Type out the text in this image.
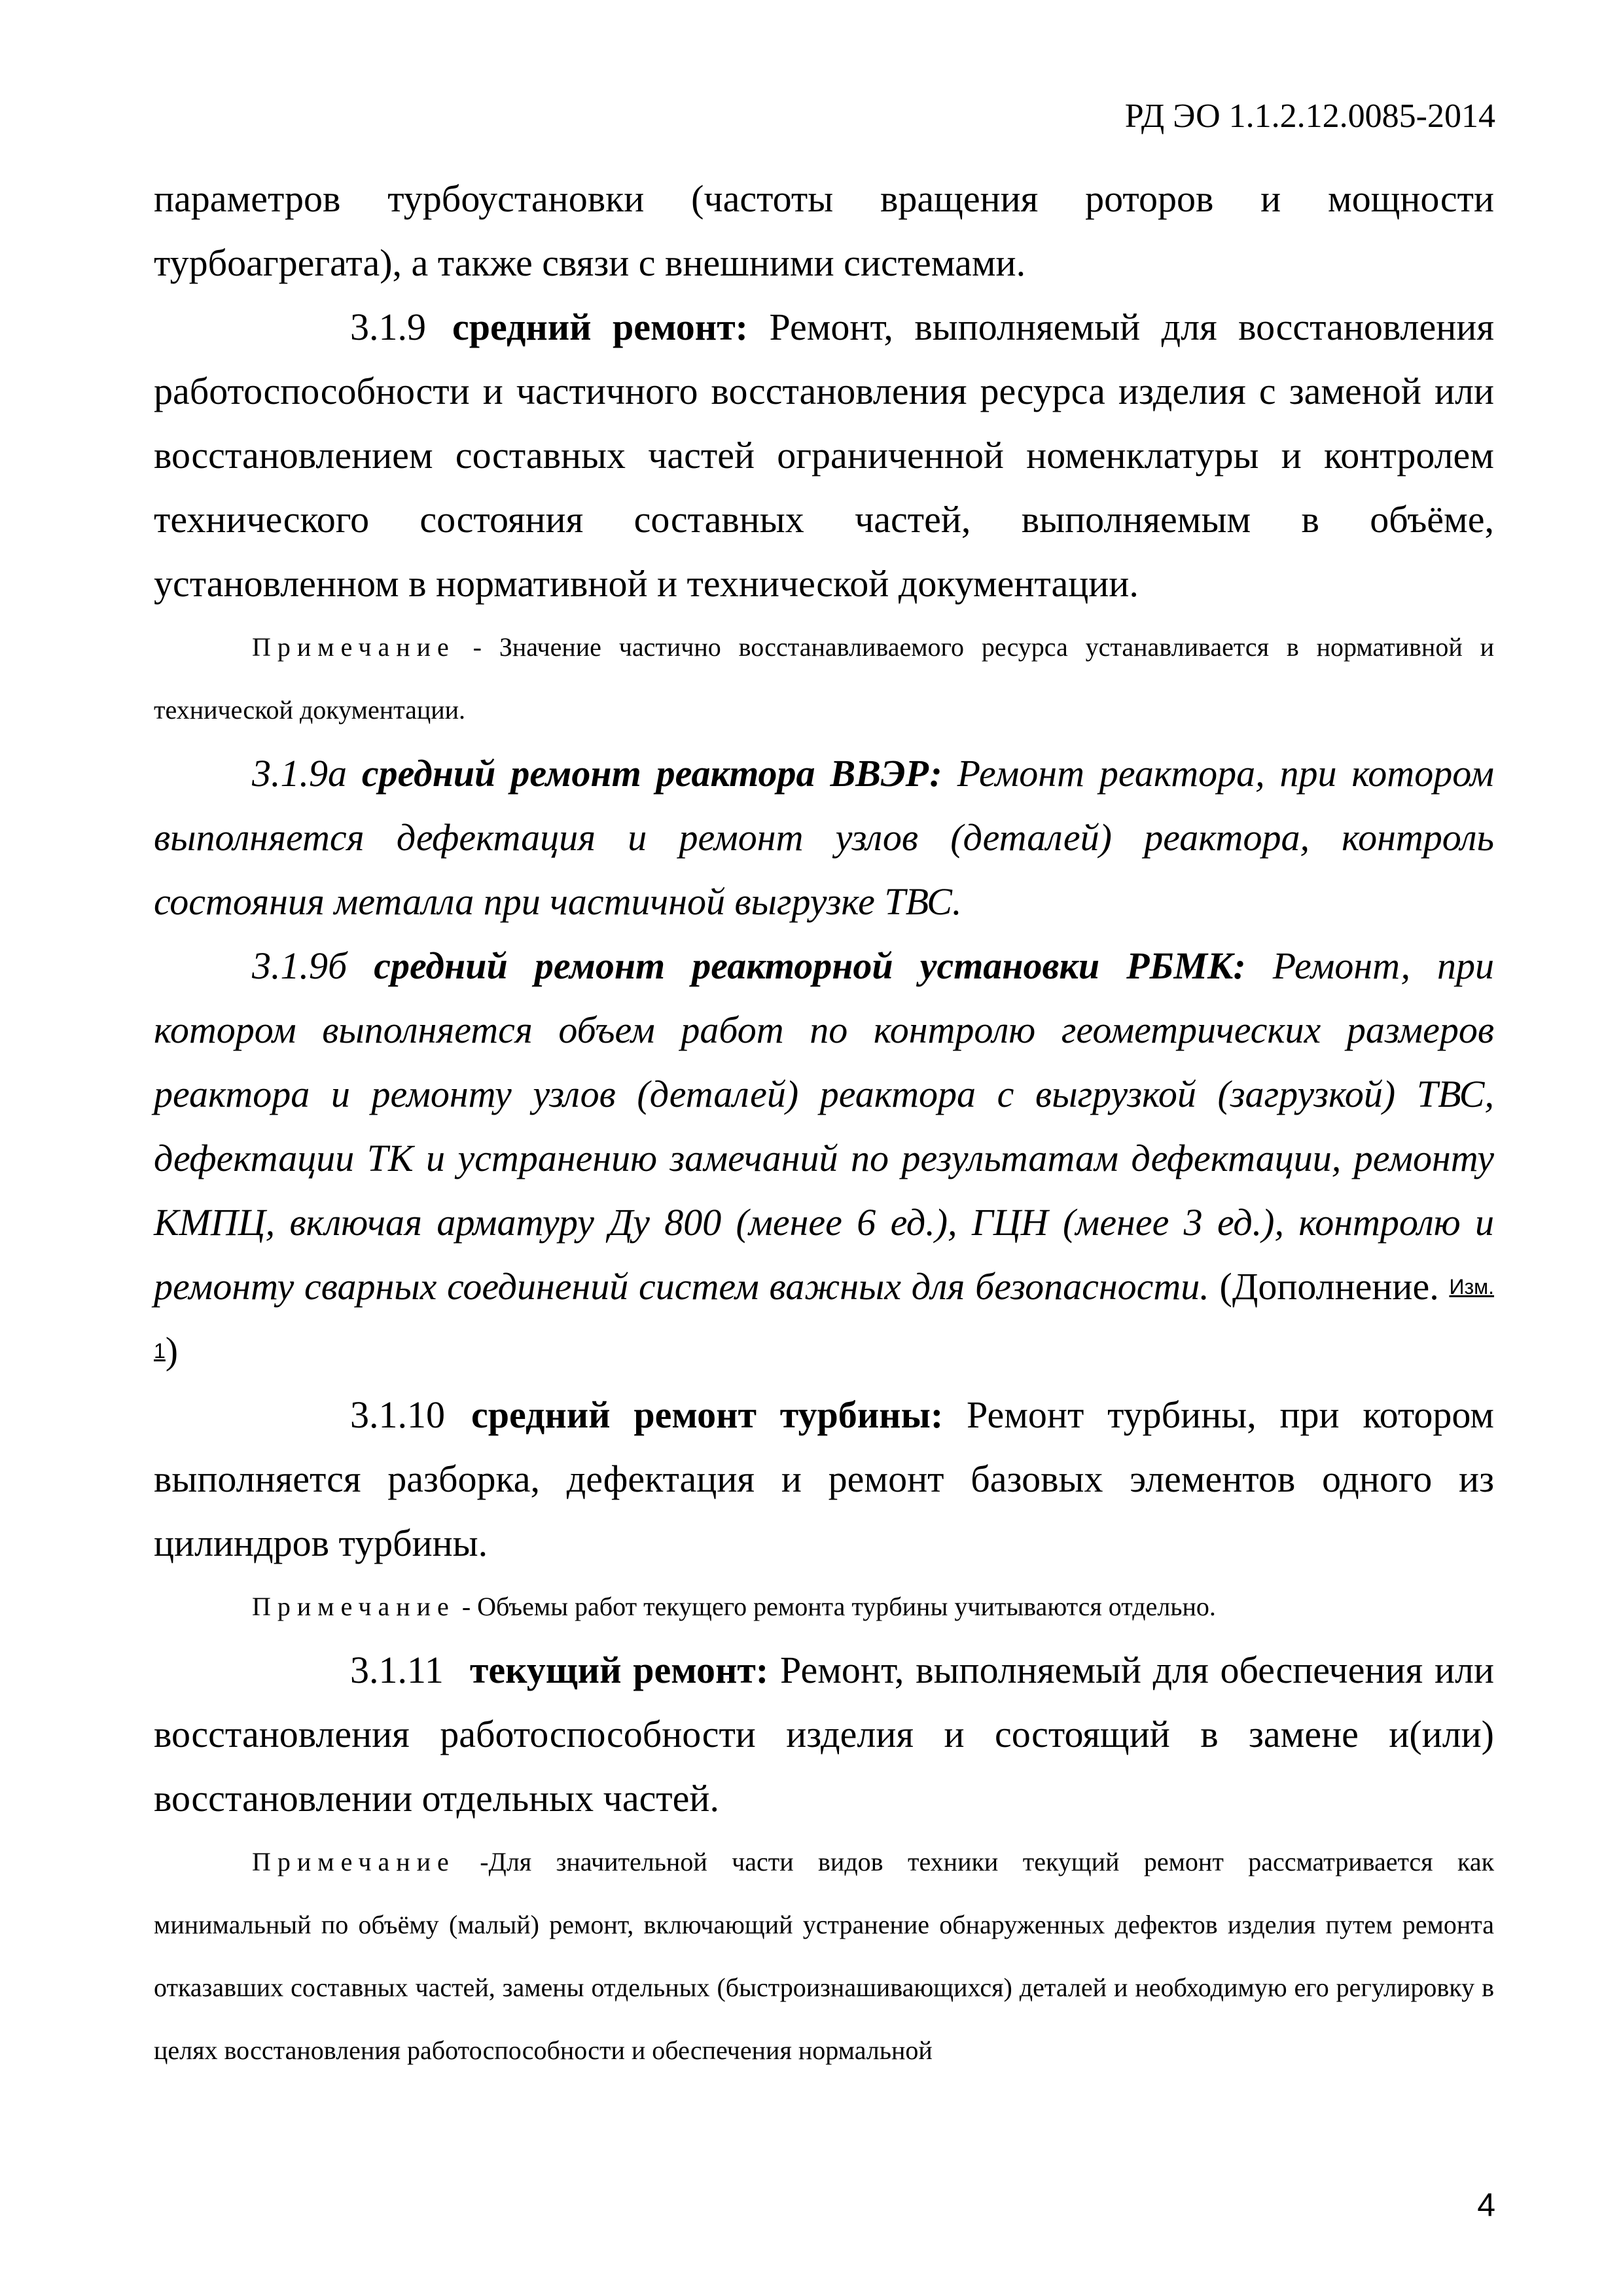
РД ЭО 1.1.2.12.0085-2014

параметров турбоустановки (частоты вращения роторов и мощности турбоагрегата), а также связи с внешними системами.

3.1.9 средний ремонт: Ремонт, выполняемый для восстановления работоспособности и частичного восстановления ресурса изделия с заменой или восстановлением составных частей ограниченной номенклатуры и контролем технического состояния составных частей, выполняемым в объёме, установленном в нормативной и технической документации.

Примечание - Значение частично восстанавливаемого ресурса устанавливается в нормативной и технической документации.

3.1.9а средний ремонт реактора ВВЭР: Ремонт реактора, при котором выполняется дефектация и ремонт узлов (деталей) реактора, контроль состояния металла при частичной выгрузке ТВС.

3.1.9б средний ремонт реакторной установки РБМК: Ремонт, при котором выполняется объем работ по контролю геометрических размеров реактора и ремонту узлов (деталей) реактора с выгрузкой (загрузкой) ТВС, дефектации ТК и устранению замечаний по результатам дефектации, ремонту КМПЦ, включая арматуру Ду 800 (менее 6 ед.), ГЦН (менее 3 ед.), контролю и ремонту сварных соединений систем важных для безопасности. (Дополнение. Изм. 1)

3.1.10 средний ремонт турбины: Ремонт турбины, при котором выполняется разборка, дефектация и ремонт базовых элементов одного из цилиндров турбины.

Примечание - Объемы работ текущего ремонта турбины учитываются отдельно.

3.1.11 текущий ремонт: Ремонт, выполняемый для обеспечения или восстановления работоспособности изделия и состоящий в замене и(или) восстановлении отдельных частей.

Примечание -Для значительной части видов техники текущий ремонт рассматривается как минимальный по объёму (малый) ремонт, включающий устранение обнаруженных дефектов изделия путем ремонта отказавших составных частей, замены отдельных (быстроизнашивающихся) деталей и необходимую его регулировку в целях восстановления работоспособности и обеспечения нормальной

4
